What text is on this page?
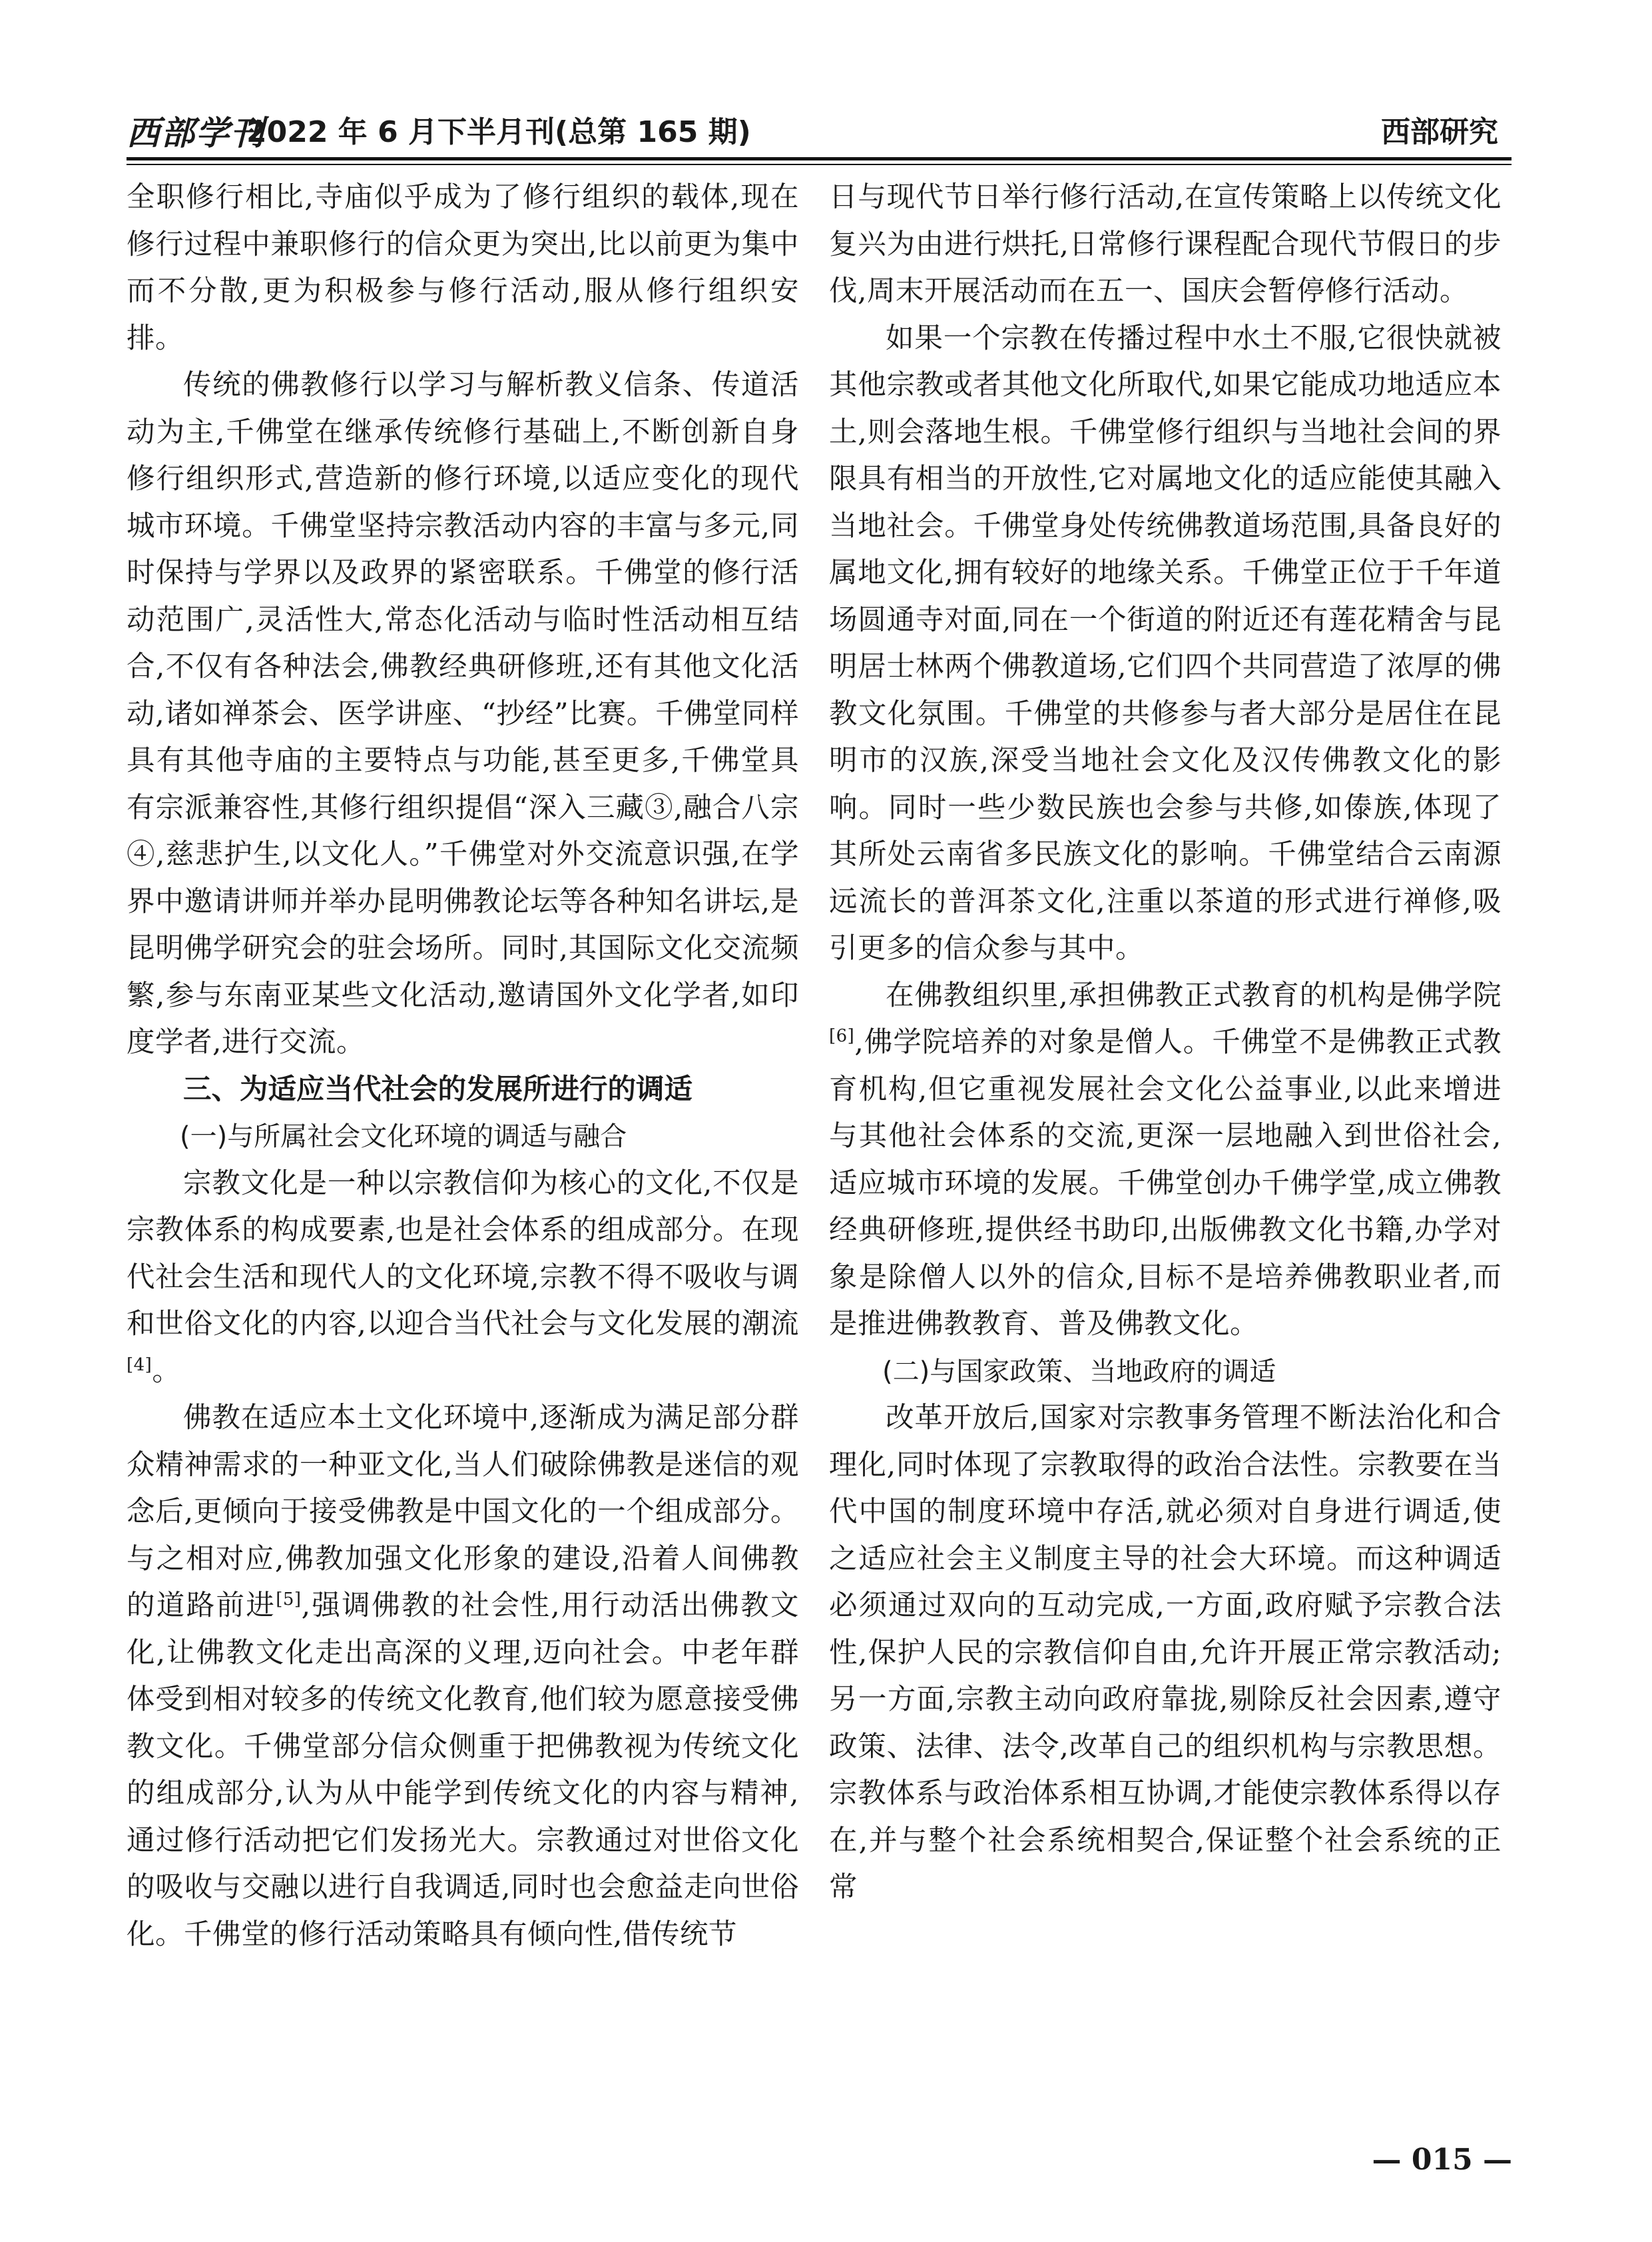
西部学刊
2022 年 6 月下半月刊(总第 165 期)	西部研究

全职修行相比,寺庙似乎成为了修行组织的载体,现在修行过程中兼职修行的信众更为突出,比以前更为集中而不分散,更为积极参与修行活动,服从修行组织安排。

传统的佛教修行以学习与解析教义信条、传道活动为主,千佛堂在继承传统修行基础上,不断创新自身修行组织形式,营造新的修行环境,以适应变化的现代城市环境。千佛堂坚持宗教活动内容的丰富与多元,同时保持与学界以及政界的紧密联系。千佛堂的修行活动范围广,灵活性大,常态化活动与临时性活动相互结合,不仅有各种法会,佛教经典研修班,还有其他文化活动,诸如禅茶会、医学讲座、“抄经”比赛。千佛堂同样具有其他寺庙的主要特点与功能,甚至更多,千佛堂具有宗派兼容性,其修行组织提倡“深入三藏③,融合八宗④,慈悲护生,以文化人。”千佛堂对外交流意识强,在学界中邀请讲师并举办昆明佛教论坛等各种知名讲坛,是昆明佛学研究会的驻会场所。同时,其国际文化交流频繁,参与东南亚某些文化活动,邀请国外文化学者,如印度学者,进行交流。

三、为适应当代社会的发展所进行的调适

(一)与所属社会文化环境的调适与融合

宗教文化是一种以宗教信仰为核心的文化,不仅是宗教体系的构成要素,也是社会体系的组成部分。在现代社会生活和现代人的文化环境,宗教不得不吸收与调和世俗文化的内容,以迎合当代社会与文化发展的潮流[4]。

佛教在适应本土文化环境中,逐渐成为满足部分群众精神需求的一种亚文化,当人们破除佛教是迷信的观念后,更倾向于接受佛教是中国文化的一个组成部分。与之相对应,佛教加强文化形象的建设,沿着人间佛教的道路前进[5],强调佛教的社会性,用行动活出佛教文化,让佛教文化走出高深的义理,迈向社会。中老年群体受到相对较多的传统文化教育,他们较为愿意接受佛教文化。千佛堂部分信众侧重于把佛教视为传统文化的组成部分,认为从中能学到传统文化的内容与精神,通过修行活动把它们发扬光大。宗教通过对世俗文化的吸收与交融以进行自我调适,同时也会愈益走向世俗化。千佛堂的修行活动策略具有倾向性,借传统节

日与现代节日举行修行活动,在宣传策略上以传统文化复兴为由进行烘托,日常修行课程配合现代节假日的步伐,周末开展活动而在五一、国庆会暂停修行活动。

如果一个宗教在传播过程中水土不服,它很快就被其他宗教或者其他文化所取代,如果它能成功地适应本土,则会落地生根。千佛堂修行组织与当地社会间的界限具有相当的开放性,它对属地文化的适应能使其融入当地社会。千佛堂身处传统佛教道场范围,具备良好的属地文化,拥有较好的地缘关系。千佛堂正位于千年道场圆通寺对面,同在一个街道的附近还有莲花精舍与昆明居士林两个佛教道场,它们四个共同营造了浓厚的佛教文化氛围。千佛堂的共修参与者大部分是居住在昆明市的汉族,深受当地社会文化及汉传佛教文化的影响。同时一些少数民族也会参与共修,如傣族,体现了其所处云南省多民族文化的影响。千佛堂结合云南源远流长的普洱茶文化,注重以茶道的形式进行禅修,吸引更多的信众参与其中。

在佛教组织里,承担佛教正式教育的机构是佛学院[6],佛学院培养的对象是僧人。千佛堂不是佛教正式教育机构,但它重视发展社会文化公益事业,以此来增进与其他社会体系的交流,更深一层地融入到世俗社会,适应城市环境的发展。千佛堂创办千佛学堂,成立佛教经典研修班,提供经书助印,出版佛教文化书籍,办学对象是除僧人以外的信众,目标不是培养佛教职业者,而是推进佛教教育、普及佛教文化。

(二)与国家政策、当地政府的调适

改革开放后,国家对宗教事务管理不断法治化和合理化,同时体现了宗教取得的政治合法性。宗教要在当代中国的制度环境中存活,就必须对自身进行调适,使之适应社会主义制度主导的社会大环境。而这种调适必须通过双向的互动完成,一方面,政府赋予宗教合法性,保护人民的宗教信仰自由,允许开展正常宗教活动;另一方面,宗教主动向政府靠拢,剔除反社会因素,遵守政策、法律、法令,改革自己的组织机构与宗教思想。宗教体系与政治体系相互协调,才能使宗教体系得以存在,并与整个社会系统相契合,保证整个社会系统的正常

— 015 —
